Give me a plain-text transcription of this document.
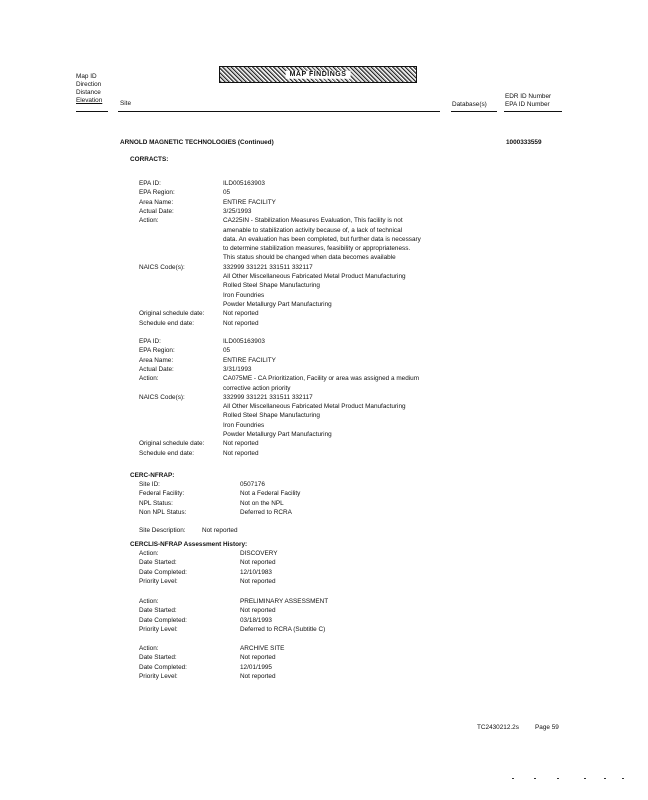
Map ID
Direction
Distance
Elevation	Site
MAP FINDINGS
Database(s)
EDR ID Number
EPA ID Number
ARNOLD MAGNETIC TECHNOLOGIES (Continued)	1000333559
CORRACTS:
EPA ID:	ILD005163903
EPA Region:	05
Area Name:	ENTIRE FACILITY
Actual Date:	3/25/1993
Action:	CA225IN - Stabilization Measures Evaluation, This facility is not
amenable to stabilization activity because of, a lack of technical
data. An evaluation has been completed, but further data is necessary
to determine stabilization measures, feasibility or appropriateness.
This status should be changed when data becomes available
NAICS Code(s):	332999 331221 331511 332117
All Other Miscellaneous Fabricated Metal Product Manufacturing
Rolled Steel Shape Manufacturing
Iron Foundries
Powder Metallurgy Part Manufacturing
Original schedule date:	Not reported
Schedule end date:	Not reported
EPA ID:	ILD005163903
EPA Region:	05
Area Name:	ENTIRE FACILITY
Actual Date:	3/31/1993
Action:	CA075ME - CA Prioritization, Facility or area was assigned a medium
corrective action priority
NAICS Code(s):	332999 331221 331511 332117
All Other Miscellaneous Fabricated Metal Product Manufacturing
Rolled Steel Shape Manufacturing
Iron Foundries
Powder Metallurgy Part Manufacturing
Original schedule date:	Not reported
Schedule end date:	Not reported
CERC-NFRAP:
Site ID:	0507176
Federal Facility:	Not a Federal Facility
NPL Status:	Not on the NPL
Non NPL Status:	Deferred to RCRA
Site Description:	Not reported
CERCLIS-NFRAP Assessment History:
Action:	DISCOVERY
Date Started:	Not reported
Date Completed:	12/10/1983
Priority Level:	Not reported
Action:	PRELIMINARY ASSESSMENT
Date Started:	Not reported
Date Completed:	03/18/1993
Priority Level:	Deferred to RCRA (Subtitle C)
Action:	ARCHIVE SITE
Date Started:	Not reported
Date Completed:	12/01/1995
Priority Level:	Not reported
TC2430212.2s	Page 59
